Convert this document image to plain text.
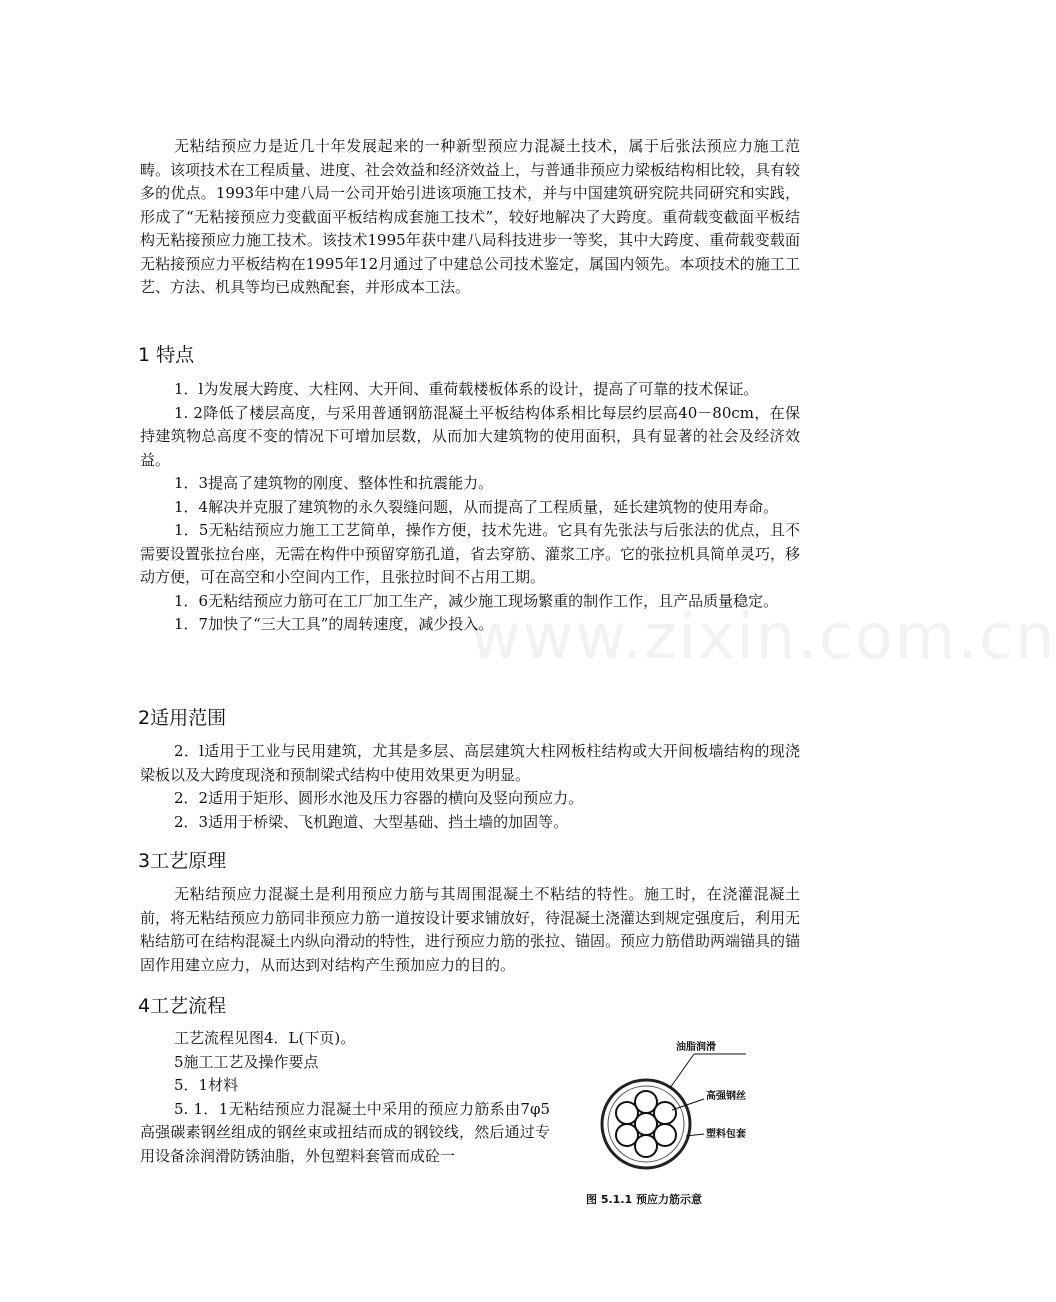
www.zixin.com.cn

无粘结预应力是近几十年发展起来的一种新型预应力混凝土技术，属于后张法预应力施工范畴。该项技术在工程质量、进度、社会效益和经济效益上，与普通非预应力梁板结构相比较，具有较多的优点。1993年中建八局一公司开始引进该项施工技术，并与中国建筑研究院共同研究和实践，形成了“无粘接预应力变截面平板结构成套施工技术”，较好地解决了大跨度。重荷载变截面平板结构无粘接预应力施工技术。该技术1995年获中建八局科技进步一等奖，其中大跨度、重荷载变载面无粘接预应力平板结构在1995年12月通过了中建总公司技术鉴定，属国内领先。本项技术的施工工艺、方法、机具等均已成熟配套，并形成本工法。

1 特点

1．l为发展大跨度、大柱网、大开间、重荷载楼板体系的设计，提高了可靠的技术保证。

1. 2降低了楼层高度，与采用普通钢筋混凝土平板结构体系相比每层约层高40－80cm，在保持建筑物总高度不变的情况下可增加层数，从而加大建筑物的使用面积，具有显著的社会及经济效益。

1．3提高了建筑物的刚度、整体性和抗震能力。

1．4解决并克服了建筑物的永久裂缝问题，从而提高了工程质量，延长建筑物的使用寿命。

1．5无粘结预应力施工工艺简单，操作方便，技术先进。它具有先张法与后张法的优点，且不需要设置张拉台座，无需在构件中预留穿筋孔道，省去穿筋、灌浆工序。它的张拉机具简单灵巧，移动方便，可在高空和小空间内工作，且张拉时间不占用工期。

1．6无粘结预应力筋可在工厂加工生产，减少施工现场繁重的制作工作，且产品质量稳定。

1．7加快了“三大工具”的周转速度，减少投入。

2适用范围

2．l适用于工业与民用建筑，尤其是多层、高层建筑大柱网板柱结构或大开间板墙结构的现浇梁板以及大跨度现浇和预制梁式结构中使用效果更为明显。

2．2适用于矩形、圆形水池及压力容器的横向及竖向预应力。

2．3适用于桥梁、飞机跑道、大型基础、挡土墙的加固等。

3工艺原理

无粘结预应力混凝土是利用预应力筋与其周围混凝土不粘结的特性。施工时，在浇灌混凝土前，将无粘结预应力筋同非预应力筋一道按设计要求铺放好，待混凝土浇灌达到规定强度后，利用无粘结筋可在结构混凝土内纵向滑动的特性，进行预应力筋的张拉、锚固。预应力筋借助两端锚具的锚固作用建立应力，从而达到对结构产生预加应力的目的。

4工艺流程
工艺流程见图4．L(下页)。
5施工工艺及操作要点
5．1材料

5. 1．1无粘结预应力混凝土中采用的预应力筋系由7φ5高强碳素钢丝组成的钢丝束或扭结而成的钢铰线，然后通过专用设备涂润滑防锈油脂，外包塑料套管而成砼一

油脂润滑
高强钢丝
塑料包套
图 5.1.1 预应力筋示意
